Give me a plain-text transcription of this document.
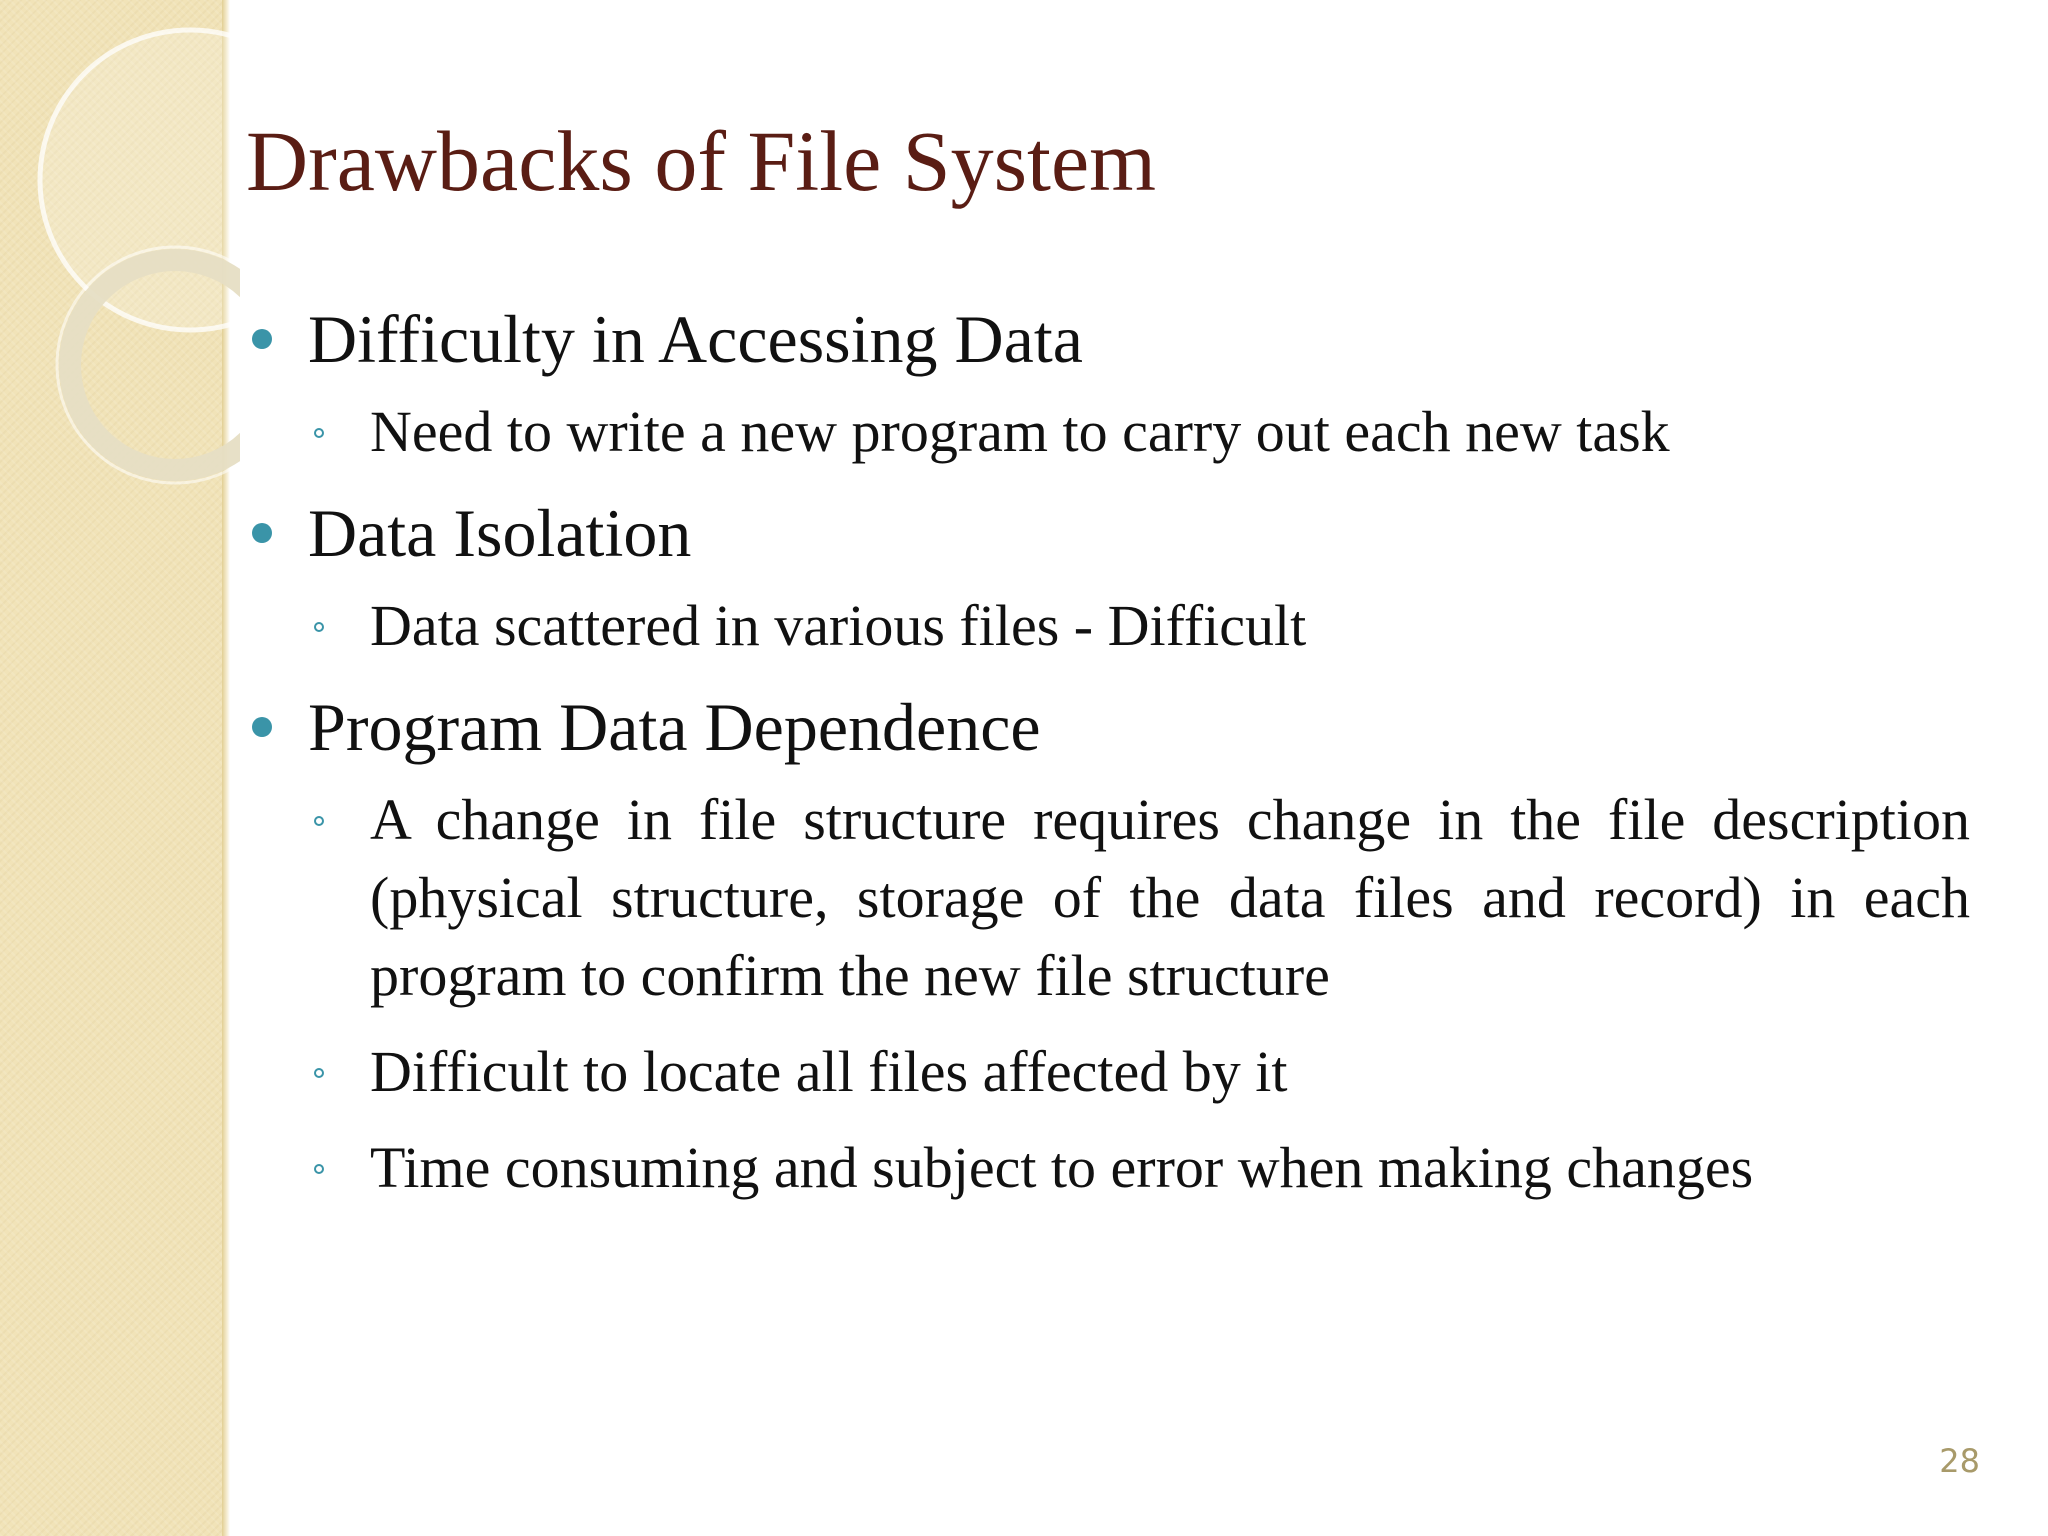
Drawbacks of File System
Difficulty in Accessing Data
Need to write a new program to carry out each new task
Data Isolation
Data scattered in various files - Difficult
Program Data Dependence
A change in file structure requires change in the file description (physical structure, storage of the data files and record) in each program to confirm the new file structure
Difficult to locate all files affected by it
Time consuming and subject to error when making changes
28
